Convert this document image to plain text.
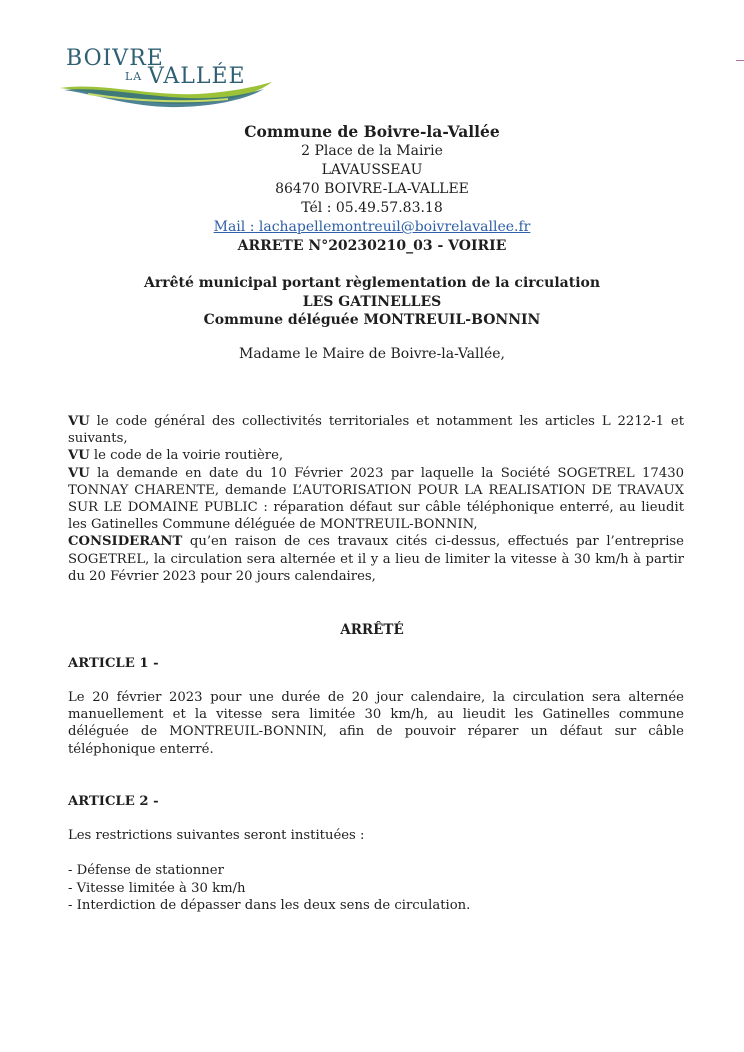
BOIVRE
LA VALLÉE
Commune de Boivre-la-Vallée
2 Place de la Mairie
LAVAUSSEAU
86470 BOIVRE-LA-VALLEE
Tél : 05.49.57.83.18
Mail : lachapellemontreuil@boivrelavallee.fr
ARRETE N°20230210_03 - VOIRIE
Arrêté municipal portant règlementation de la circulation
LES GATINELLES
Commune déléguée MONTREUIL-BONNIN
Madame le Maire de Boivre-la-Vallée,

VU le code général des collectivités territoriales et notamment les articles L 2212-1 et suivants,

VU le code de la voirie routière,

VU la demande en date du 10 Février 2023 par laquelle la Société SOGETREL 17430 TONNAY CHARENTE, demande L’AUTORISATION POUR LA REALISATION DE TRAVAUX SUR LE DOMAINE PUBLIC : réparation défaut sur câble téléphonique enterré, au lieudit les Gatinelles Commune déléguée de MONTREUIL-BONNIN,

CONSIDERANT qu’en raison de ces travaux cités ci-dessus, effectués par l’entreprise SOGETREL, la circulation sera alternée et il y a lieu de limiter la vitesse à 30 km/h à partir du 20 Février 2023 pour 20 jours calendaires,

ARRÊTÉ
ARTICLE 1 -
Le 20 février 2023 pour une durée de 20 jour calendaire, la circulation sera alternée manuellement et la vitesse sera limitée 30 km/h, au lieudit les Gatinelles commune déléguée de MONTREUIL-BONNIN, afin de pouvoir réparer un défaut sur câble téléphonique enterré.
ARTICLE 2 -
Les restrictions suivantes seront instituées :
- Défense de stationner
- Vitesse limitée à 30 km/h
- Interdiction de dépasser dans les deux sens de circulation.
